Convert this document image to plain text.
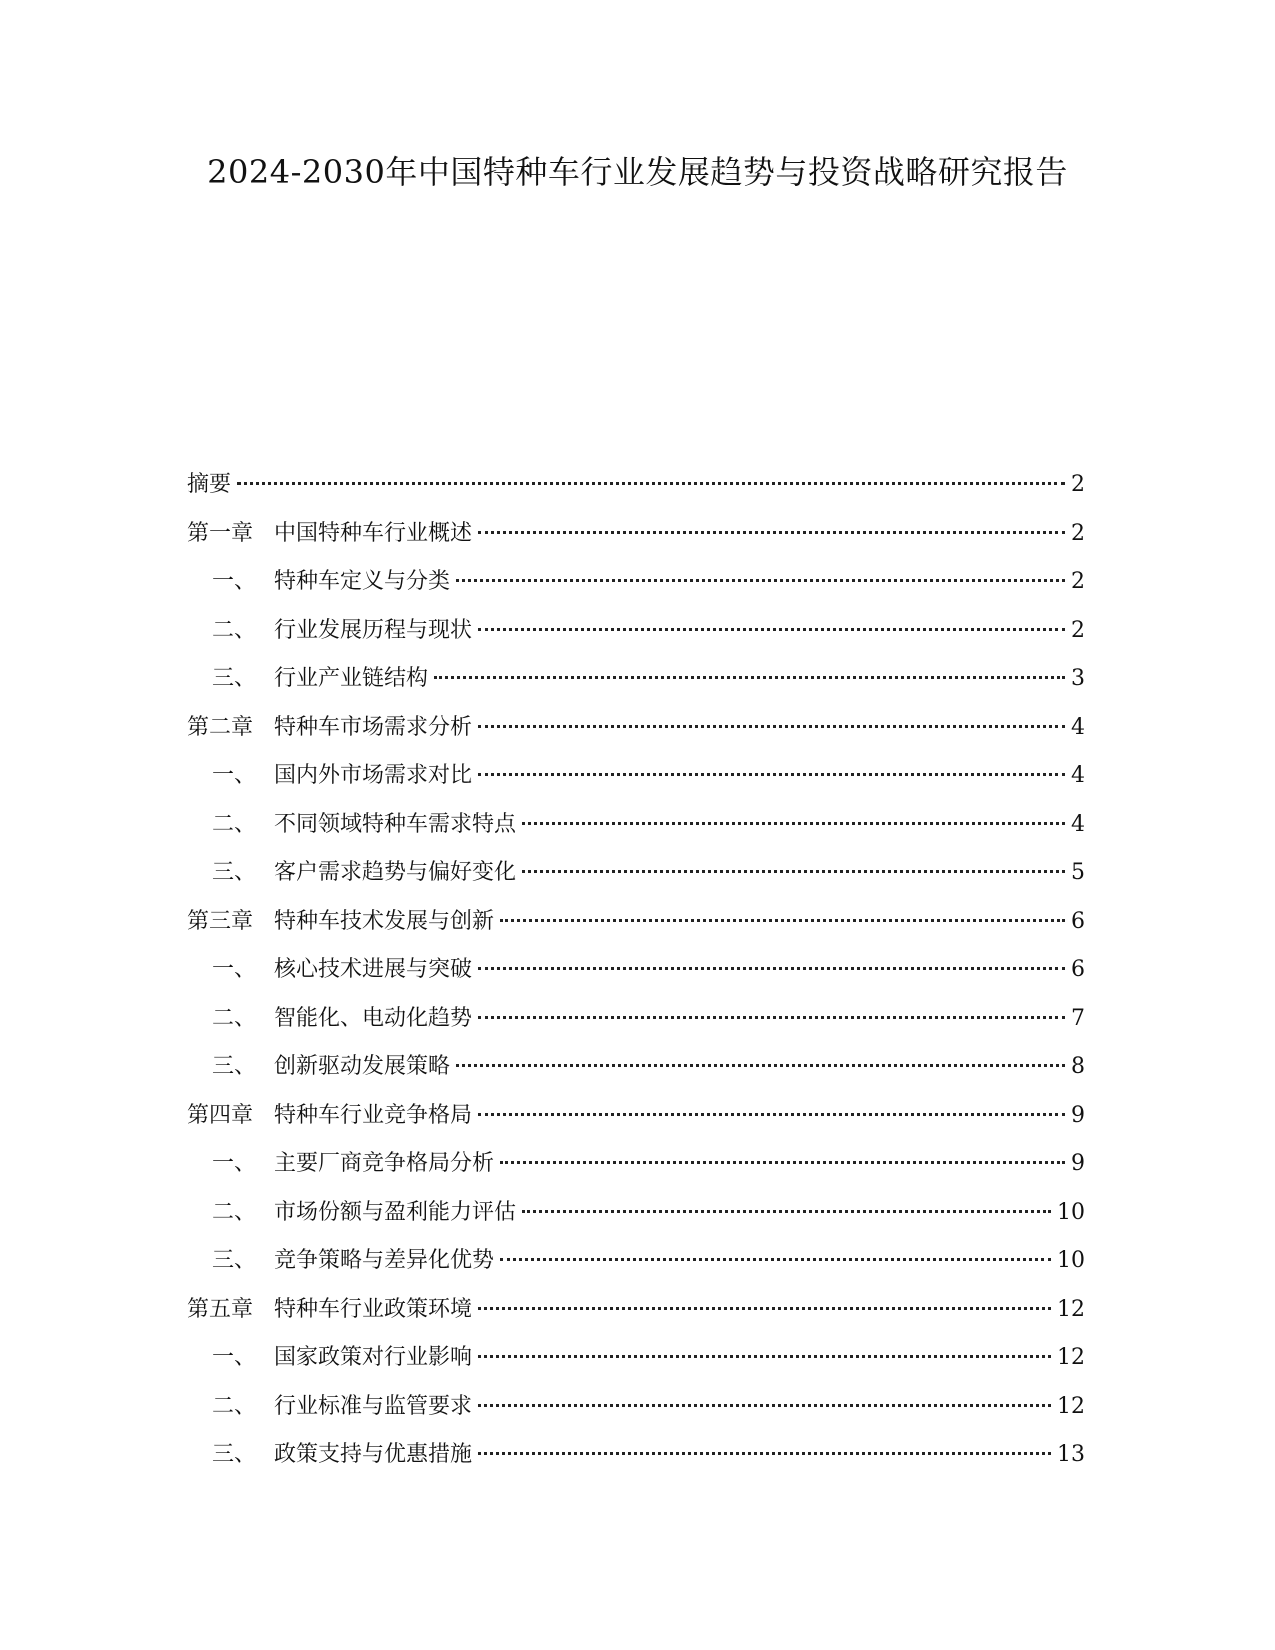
2024-2030年中国特种车行业发展趋势与投资战略研究报告
摘要	2
第一章 中国特种车行业概述	2
一、 特种车定义与分类	2
二、 行业发展历程与现状	2
三、 行业产业链结构	3
第二章 特种车市场需求分析	4
一、 国内外市场需求对比	4
二、 不同领域特种车需求特点	4
三、 客户需求趋势与偏好变化	5
第三章 特种车技术发展与创新	6
一、 核心技术进展与突破	6
二、 智能化、电动化趋势	7
三、 创新驱动发展策略	8
第四章 特种车行业竞争格局	9
一、 主要厂商竞争格局分析	9
二、 市场份额与盈利能力评估	10
三、 竞争策略与差异化优势	10
第五章 特种车行业政策环境	12
一、 国家政策对行业影响	12
二、 行业标准与监管要求	12
三、 政策支持与优惠措施	13
